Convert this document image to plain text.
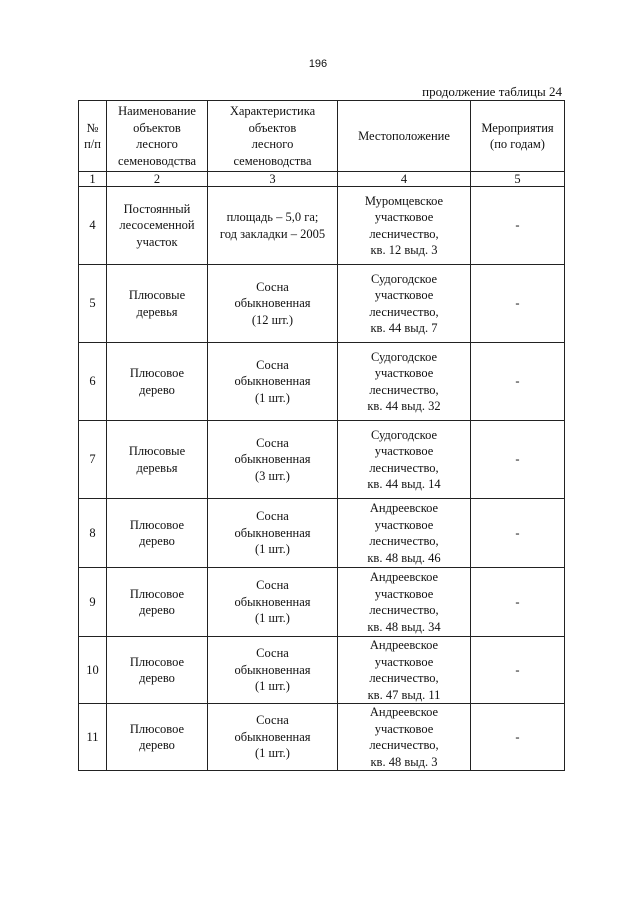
196
продолжение таблицы 24
№
п/п	Наименование
объектов
лесного
семеноводства	Характеристика
объектов
лесного
семеноводства	Местоположение	Мероприятия
(по годам)
1	2	3	4	5
4	Постоянный
лесосеменной
участок	площадь – 5,0 га;
год закладки – 2005	Муромцевское
участковое
лесничество,
кв. 12 выд. 3	-
5	Плюсовые
деревья	Сосна
обыкновенная
(12 шт.)	Судогодское
участковое
лесничество,
кв. 44 выд. 7	-
6	Плюсовое
дерево	Сосна
обыкновенная
(1 шт.)	Судогодское
участковое
лесничество,
кв. 44 выд. 32	-
7	Плюсовые
деревья	Сосна
обыкновенная
(3 шт.)	Судогодское
участковое
лесничество,
кв. 44 выд. 14	-
8	Плюсовое
дерево	Сосна
обыкновенная
(1 шт.)	Андреевское
участковое
лесничество,
кв. 48 выд. 46	-
9	Плюсовое
дерево	Сосна
обыкновенная
(1 шт.)	Андреевское
участковое
лесничество,
кв. 48 выд. 34	-
10	Плюсовое
дерево	Сосна
обыкновенная
(1 шт.)	Андреевское
участковое
лесничество,
кв. 47 выд. 11	-
11	Плюсовое
дерево	Сосна
обыкновенная
(1 шт.)	Андреевское
участковое
лесничество,
кв. 48 выд. 3	-
